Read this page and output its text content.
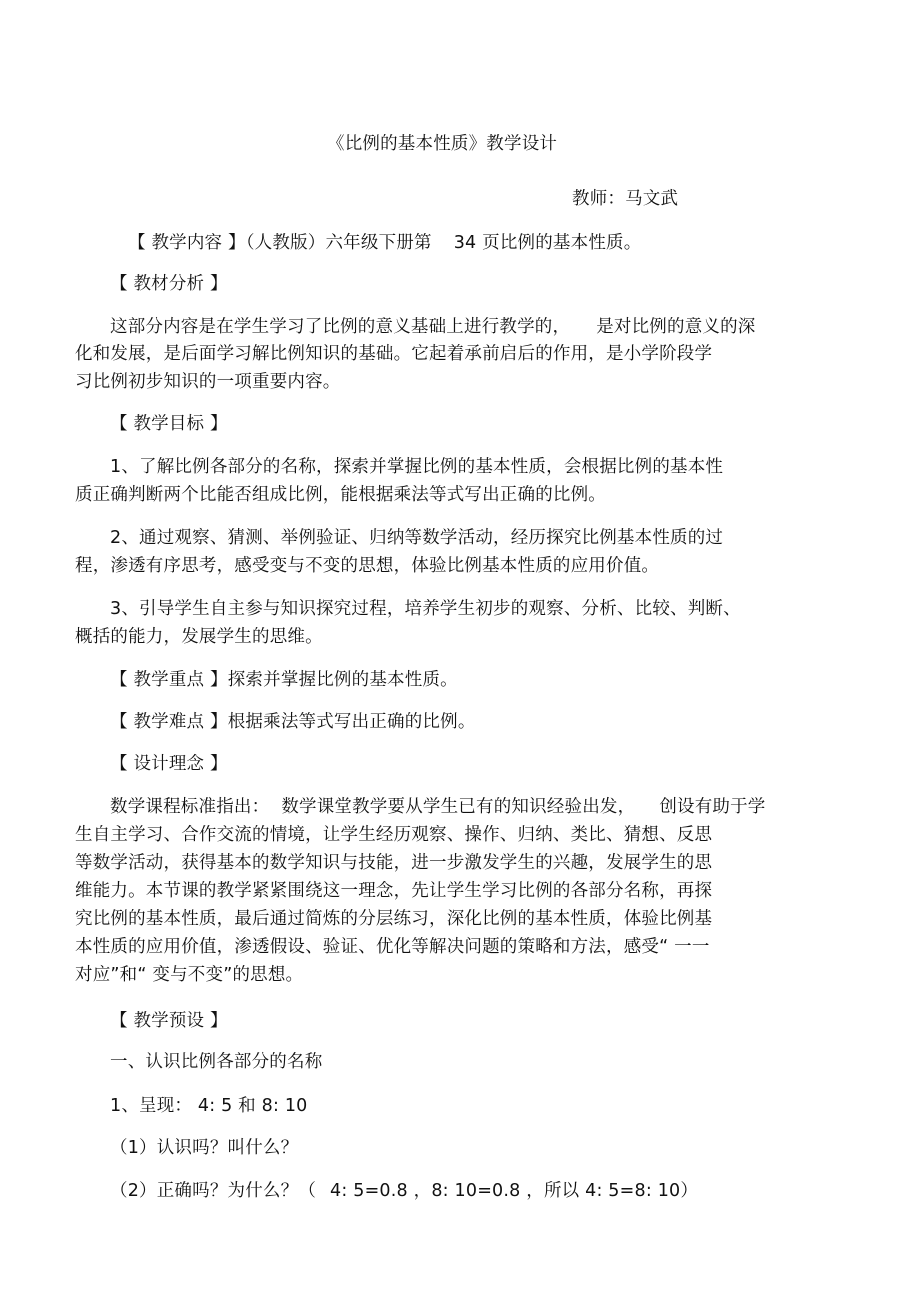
《比例的基本性质》教学设计
教师：马文武
【 教学内容 】（人教版）六年级下册第 34 页比例的基本性质。
【 教材分析 】
这部分内容是在学生学习了比例的意义基础上进行教学的， 是对比例的意义的深
化和发展，是后面学习解比例知识的基础。它起着承前启后的作用，是小学阶段学
习比例初步知识的一项重要内容。
【 教学目标 】
1、了解比例各部分的名称，探索并掌握比例的基本性质，会根据比例的基本性
质正确判断两个比能否组成比例，能根据乘法等式写出正确的比例。
2、通过观察、猜测、举例验证、归纳等数学活动，经历探究比例基本性质的过
程，渗透有序思考，感受变与不变的思想，体验比例基本性质的应用价值。
3、引导学生自主参与知识探究过程，培养学生初步的观察、分析、比较、判断、
概括的能力，发展学生的思维。
【 教学重点 】探索并掌握比例的基本性质。
【 教学难点 】根据乘法等式写出正确的比例。
【 设计理念 】
数学课程标准指出： 数学课堂教学要从学生已有的知识经验出发， 创设有助于学
生自主学习、合作交流的情境，让学生经历观察、操作、归纳、类比、猜想、反思
等数学活动，获得基本的数学知识与技能，进一步激发学生的兴趣，发展学生的思
维能力。本节课的教学紧紧围绕这一理念，先让学生学习比例的各部分名称，再探
究比例的基本性质，最后通过简炼的分层练习，深化比例的基本性质，体验比例基
本性质的应用价值，渗透假设、验证、优化等解决问题的策略和方法，感受“ 一一
对应”和“ 变与不变”的思想。
【 教学预设 】
一、认识比例各部分的名称
1、呈现： 4: 5 和 8: 10
（1）认识吗？叫什么？
（2）正确吗？为什么？（ 4: 5=0.8 ，8: 10=0.8 ，所以 4: 5=8: 10）
